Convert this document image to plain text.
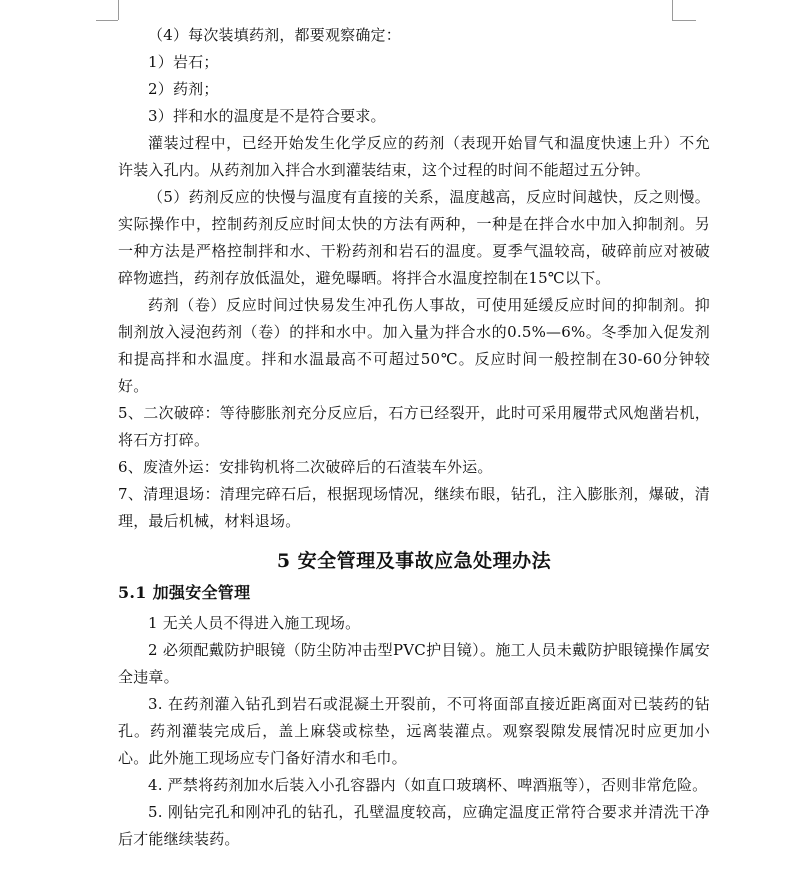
（4）每次装填药剂，都要观察确定：

1）岩石；

2）药剂；

3）拌和水的温度是不是符合要求。

灌装过程中，已经开始发生化学反应的药剂（表现开始冒气和温度快速上升）不允许装入孔内。从药剂加入拌合水到灌装结束，这个过程的时间不能超过五分钟。

（5）药剂反应的快慢与温度有直接的关系，温度越高，反应时间越快，反之则慢。实际操作中，控制药剂反应时间太快的方法有两种，一种是在拌合水中加入抑制剂。另一种方法是严格控制拌和水、干粉药剂和岩石的温度。夏季气温较高，破碎前应对被破碎物遮挡，药剂存放低温处，避免曝晒。将拌合水温度控制在15℃以下。

药剂（卷）反应时间过快易发生冲孔伤人事故，可使用延缓反应时间的抑制剂。抑制剂放入浸泡药剂（卷）的拌和水中。加入量为拌合水的0.5%—6%。冬季加入促发剂和提高拌和水温度。拌和水温最高不可超过50℃。反应时间一般控制在30-60分钟较好。

5、二次破碎：等待膨胀剂充分反应后，石方已经裂开，此时可采用履带式风炮凿岩机，将石方打碎。

6、废渣外运：安排钩机将二次破碎后的石渣装车外运。

7、清理退场：清理完碎石后，根据现场情况，继续布眼，钻孔，注入膨胀剂，爆破，清理，最后机械，材料退场。

5 安全管理及事故应急处理办法
5.1 加强安全管理

1 无关人员不得进入施工现场。

2 必须配戴防护眼镜（防尘防冲击型PVC护目镜）。施工人员未戴防护眼镜操作属安全违章。

3. 在药剂灌入钻孔到岩石或混凝土开裂前，不可将面部直接近距离面对已装药的钻孔。药剂灌装完成后，盖上麻袋或棕垫，远离装灌点。观察裂隙发展情况时应更加小心。此外施工现场应专门备好清水和毛巾。

4. 严禁将药剂加水后装入小孔容器内（如直口玻璃杯、啤酒瓶等），否则非常危险。

5. 刚钻完孔和刚冲孔的钻孔，孔壁温度较高，应确定温度正常符合要求并清洗干净后才能继续装药。
